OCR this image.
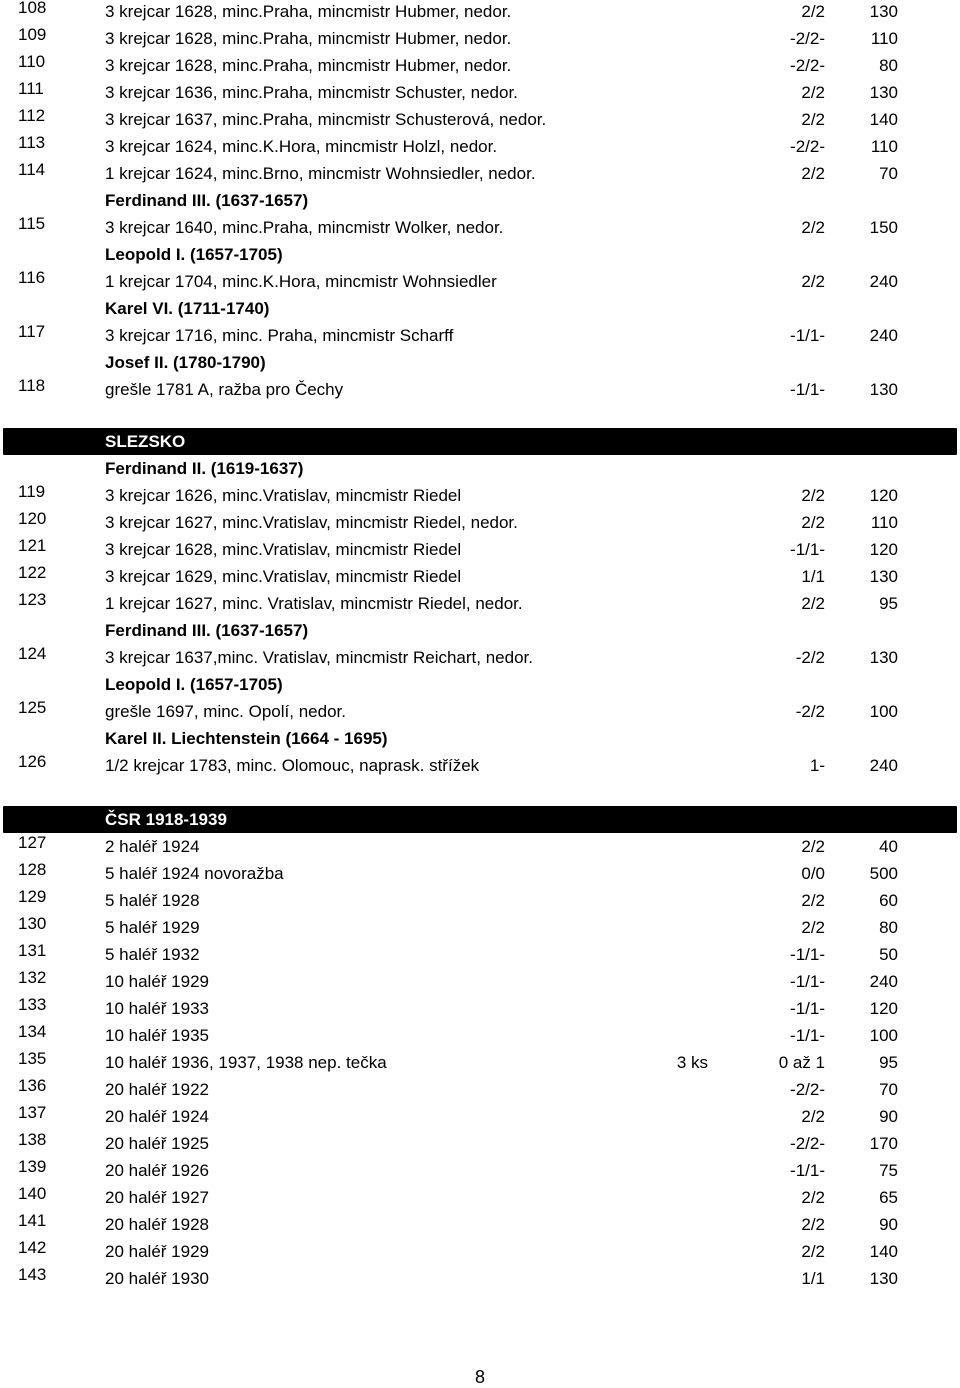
108	3 krejcar 1628, minc.Praha, mincmistr Hubmer, nedor.	2/2	130
109	3 krejcar 1628, minc.Praha, mincmistr Hubmer, nedor.	-2/2-	110
110	3 krejcar 1628, minc.Praha, mincmistr Hubmer, nedor.	-2/2-	80
111	3 krejcar 1636, minc.Praha, mincmistr Schuster, nedor.	2/2	130
112	3 krejcar 1637, minc.Praha, mincmistr Schusterová, nedor.	2/2	140
113	3 krejcar 1624, minc.K.Hora, mincmistr Holzl, nedor.	-2/2-	110
114	1 krejcar 1624, minc.Brno, mincmistr Wohnsiedler, nedor.	2/2	70
Ferdinand III. (1637-1657)
115	3 krejcar 1640, minc.Praha, mincmistr Wolker, nedor.	2/2	150
Leopold I. (1657-1705)
116	1 krejcar 1704, minc.K.Hora, mincmistr Wohnsiedler	2/2	240
Karel VI. (1711-1740)
117	3 krejcar 1716, minc. Praha, mincmistr Scharff	-1/1-	240
Josef II. (1780-1790)
118	grešle 1781 A, ražba pro Čechy	-1/1-	130
SLEZSKO
Ferdinand II. (1619-1637)
119	3 krejcar 1626, minc.Vratislav, mincmistr Riedel	2/2	120
120	3 krejcar 1627, minc.Vratislav, mincmistr Riedel, nedor.	2/2	110
121	3 krejcar 1628, minc.Vratislav, mincmistr Riedel	-1/1-	120
122	3 krejcar 1629, minc.Vratislav, mincmistr Riedel	1/1	130
123	1 krejcar 1627, minc. Vratislav, mincmistr Riedel, nedor.	2/2	95
Ferdinand III. (1637-1657)
124	3 krejcar 1637,minc. Vratislav, mincmistr Reichart, nedor.	-2/2	130
Leopold I. (1657-1705)
125	grešle 1697, minc. Opolí, nedor.	-2/2	100
Karel II. Liechtenstein (1664 - 1695)
126	1/2 krejcar 1783, minc. Olomouc, naprask. střížek	1-	240
ČSR 1918-1939
127	2 haléř 1924	2/2	40
128	5 haléř 1924 novoražba	0/0	500
129	5 haléř 1928	2/2	60
130	5 haléř 1929	2/2	80
131	5 haléř 1932	-1/1-	50
132	10 haléř 1929	-1/1-	240
133	10 haléř 1933	-1/1-	120
134	10 haléř 1935	-1/1-	100
135	10 haléř 1936, 1937, 1938 nep. tečka	3 ks	0 až 1	95
136	20 haléř 1922	-2/2-	70
137	20 haléř 1924	2/2	90
138	20 haléř 1925	-2/2-	170
139	20 haléř 1926	-1/1-	75
140	20 haléř 1927	2/2	65
141	20 haléř 1928	2/2	90
142	20 haléř 1929	2/2	140
143	20 haléř 1930	1/1	130
8
